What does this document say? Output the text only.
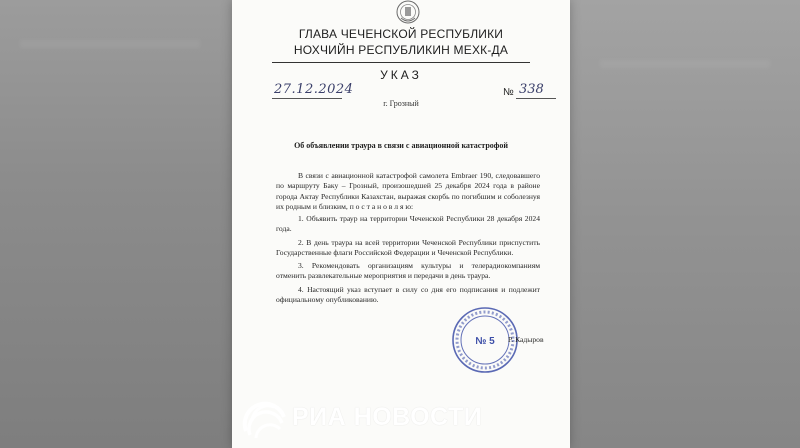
ГЛАВА ЧЕЧЕНСКОЙ РЕСПУБЛИКИ
НОХЧИЙН РЕСПУБЛИКИН МЕХК-ДА
УКАЗ
27.12.2024
г. Грозный
№ 338
Об объявлении траура в связи с авиационной катастрофой

В связи с авиационной катастрофой самолета Embraer 190, следовавшего по маршруту Баку – Грозный, произошедшей 25 декабря 2024 года в районе города Актау Республики Казахстан, выражая скорбь по погибшим и соболезнуя их родным и близким, п о с т а н о в л я ю:

1. Объявить траур на территории Чеченской Республики 28 декабря 2024 года.

2. В день траура на всей территории Чеченской Республики приспустить Государственные флаги Российской Федерации и Чеченской Республики.

3. Рекомендовать организациям культуры и телерадиокомпаниям отменить развлекательные мероприятия и передачи в день траура.

4. Настоящий указ вступает в силу со дня его подписания и подлежит официальному опубликованию.

№ 5 Р. Кадыров
РИА НОВОСТИ
